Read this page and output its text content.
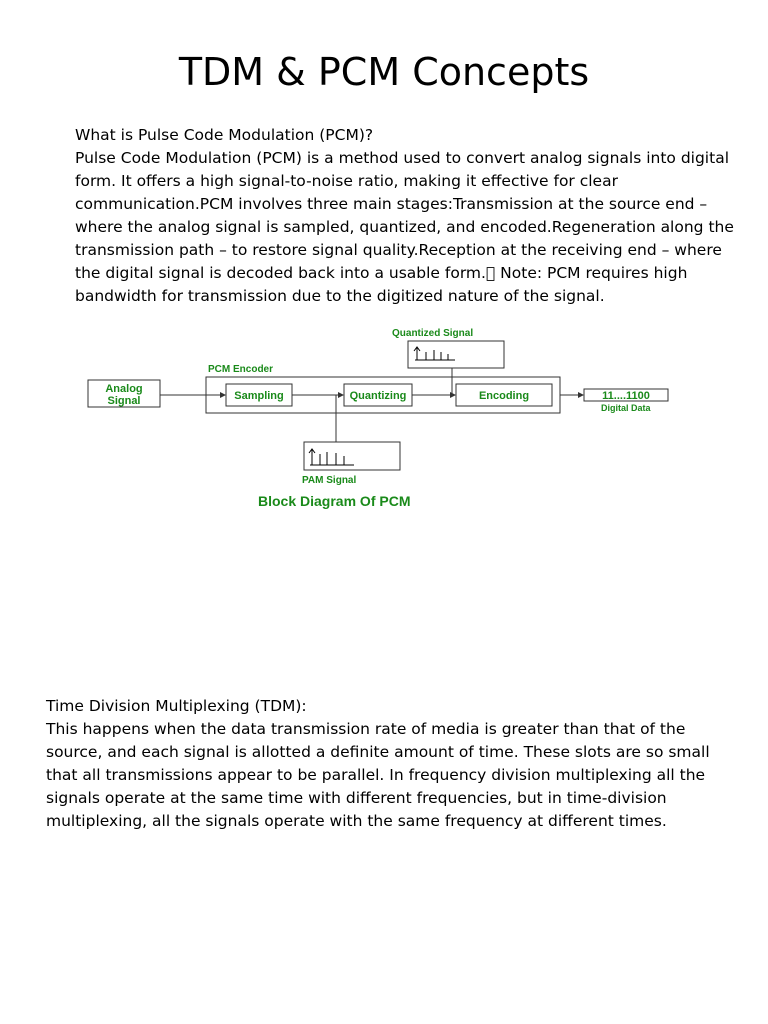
TDM & PCM Concepts

What is Pulse Code Modulation (PCM)?

Pulse Code Modulation (PCM) is a method used to convert analog signals into digital form. It offers a high signal-to-noise ratio, making it effective for clear communication.PCM involves three main stages:Transmission at the source end – where the analog signal is sampled, quantized, and encoded.Regeneration along the transmission path – to restore signal quality.Reception at the receiving end – where the digital signal is decoded back into a usable form.  Note: PCM requires high bandwidth for transmission due to the digitized nature of the signal.

Quantized Signal
PCM Encoder
Analog
Signal	Sampling	Quantizing	Encoding	11....1100
Digital Data
PAM Signal
Block Diagram Of PCM

Time Division Multiplexing (TDM):

This happens when the data transmission rate of media is greater than that of the source, and each signal is allotted a definite amount of time. These slots are so small that all transmissions appear to be parallel. In frequency division multiplexing all the signals operate at the same time with different frequencies, but in time-division multiplexing, all the signals operate with the same frequency at different times.
